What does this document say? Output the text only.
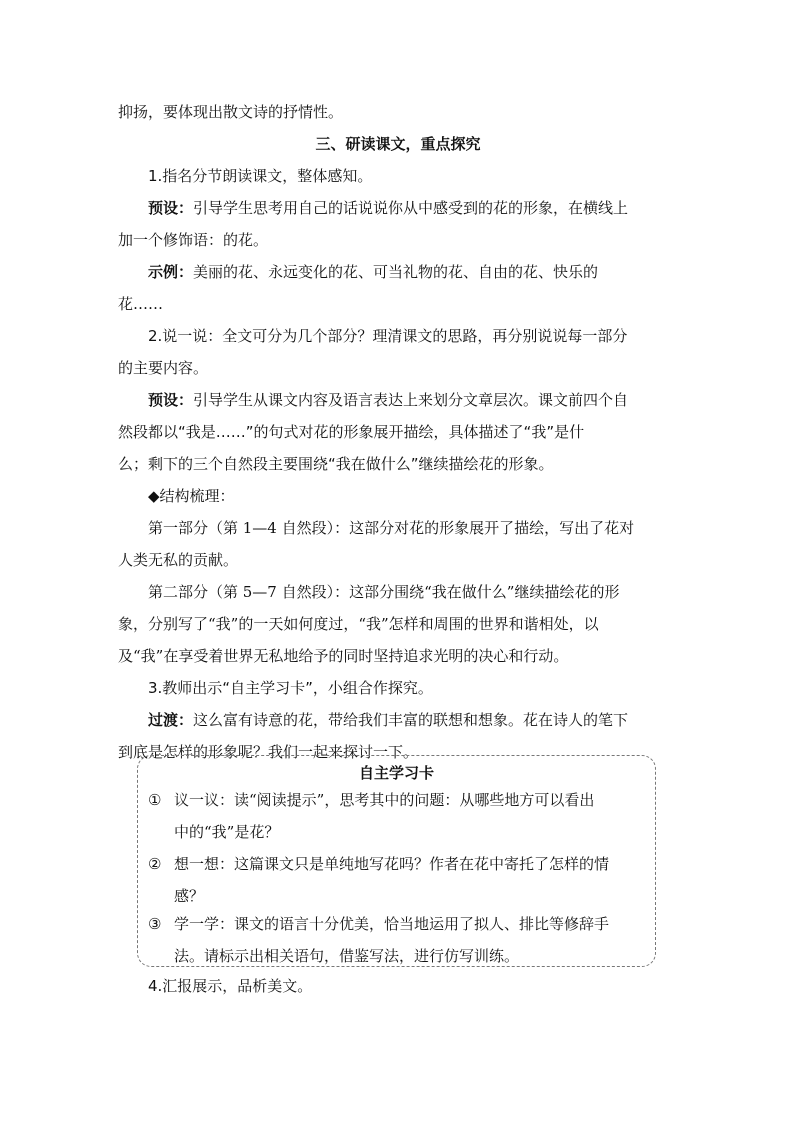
抑扬，要体现出散文诗的抒情性。

三、研读课文，重点探究

1.指名分节朗读课文，整体感知。

预设：引导学生思考用自己的话说说你从中感受到的花的形象，在横线上

加一个修饰语：的花。

示例：美丽的花、永远变化的花、可当礼物的花、自由的花、快乐的

花……

2.说一说：全文可分为几个部分？理清课文的思路，再分别说说每一部分

的主要内容。

预设：引导学生从课文内容及语言表达上来划分文章层次。课文前四个自

然段都以“我是……”的句式对花的形象展开描绘，具体描述了“我”是什

么；剩下的三个自然段主要围绕“我在做什么”继续描绘花的形象。

◆结构梳理：

第一部分（第 1—4 自然段）：这部分对花的形象展开了描绘，写出了花对

人类无私的贡献。

第二部分（第 5—7 自然段）：这部分围绕“我在做什么”继续描绘花的形

象，分别写了“我”的一天如何度过，“我”怎样和周围的世界和谐相处，以

及“我”在享受着世界无私地给予的同时坚持追求光明的决心和行动。

3.教师出示“自主学习卡”，小组合作探究。

过渡：这么富有诗意的花，带给我们丰富的联想和想象。花在诗人的笔下

到底是怎样的形象呢？我们一起来探讨一下。

自主学习卡
① 议一议：读“阅读提示”，思考其中的问题：从哪些地方可以看出
中的“我”是花？
② 想一想：这篇课文只是单纯地写花吗？作者在花中寄托了怎样的情
感？
③ 学一学：课文的语言十分优美，恰当地运用了拟人、排比等修辞手
法。请标示出相关语句，借鉴写法，进行仿写训练。

4.汇报展示，品析美文。
